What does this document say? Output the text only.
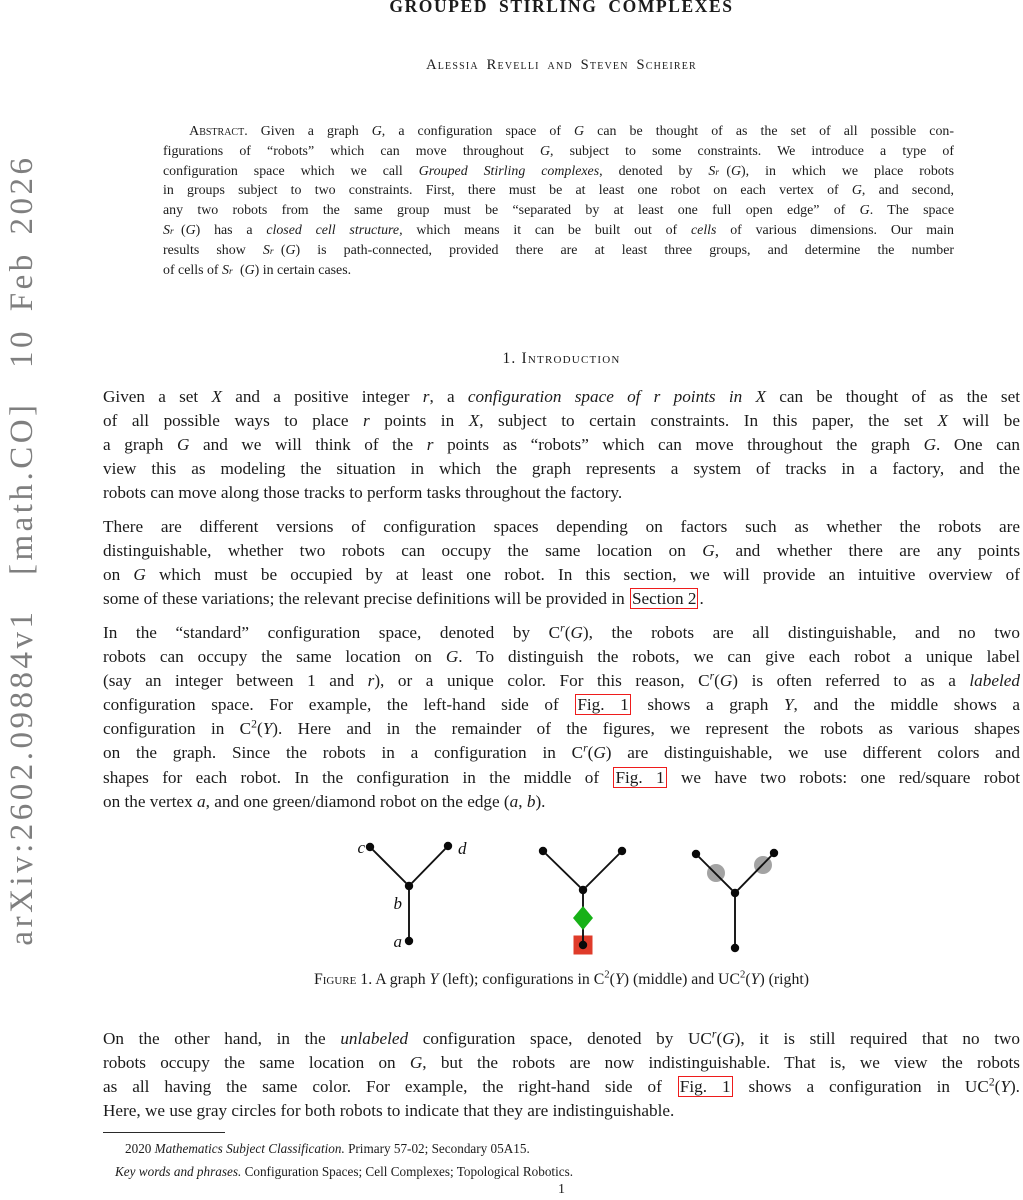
arXiv:2602.09884v1  [math.CO]  10 Feb 2026
GROUPED STIRLING COMPLEXES
Alessia Revelli and Steven Scheirer
Abstract. Given a graph G, a configuration space of G can be thought of as the set of all possible con-
figurations of “robots” which can move throughout G, subject to some constraints. We introduce a type of
configuration space which we call Grouped Stirling complexes, denoted by $S_{r⃗}(G)$, in which we place robots
in groups subject to two constraints. First, there must be at least one robot on each vertex of G, and second,
any two robots from the same group must be “separated by at least one full open edge” of G. The space
$S_{r⃗}(G)$ has a closed cell structure, which means it can be built out of cells of various dimensions. Our main
results show $S_{r⃗}(G)$ is path-connected, provided there are at least three groups, and determine the number
of cells of $S_{r⃗}(G)$ in certain cases.
1. Introduction
Given a set X and a positive integer r, a configuration space of r points in X can be thought of as the set
of all possible ways to place r points in X, subject to certain constraints. In this paper, the set X will be
a graph G and we will think of the r points as “robots” which can move throughout the graph G. One can
view this as modeling the situation in which the graph represents a system of tracks in a factory, and the
robots can move along those tracks to perform tasks throughout the factory.
There are different versions of configuration spaces depending on factors such as whether the robots are
distinguishable, whether two robots can occupy the same location on G, and whether there are any points
on G which must be occupied by at least one robot. In this section, we will provide an intuitive overview of
some of these variations; the relevant precise definitions will be provided in Section 2 .
In the “standard” configuration space, denoted by $C^r(G)$, the robots are all distinguishable, and no two
robots can occupy the same location on G. To distinguish the robots, we can give each robot a unique label
(say an integer between 1 and r), or a unique color. For this reason, $C^r(G)$ is often referred to as a labeled
configuration space. For example, the left-hand side of Fig. 1 shows a graph Y, and the middle shows a
configuration in $C^2(Y)$. Here and in the remainder of the figures, we represent the robots as various shapes
on the graph. Since the robots in a configuration in $C^r(G)$ are distinguishable, we use different colors and
shapes for each robot. In the configuration in the middle of Fig. 1 we have two robots: one red/square robot
on the vertex a, and one green/diamond robot on the edge (a, b).
On the other hand, in the unlabeled configuration space, denoted by $UC^r(G)$, it is still required that no two
robots occupy the same location on G, but the robots are now indistinguishable. That is, we view the robots
as all having the same color. For example, the right-hand side of Fig. 1 shows a configuration in $UC^2(Y)$.
Here, we use gray circles for both robots to indicate that they are indistinguishable.
c	d
b
a
Figure 1. A graph Y (left); configurations in $C^2(Y)$ (middle) and $UC^2(Y)$ (right)
2020 Mathematics Subject Classification. Primary 57-02; Secondary 05A15.
Key words and phrases. Configuration Spaces; Cell Complexes; Topological Robotics.
1
